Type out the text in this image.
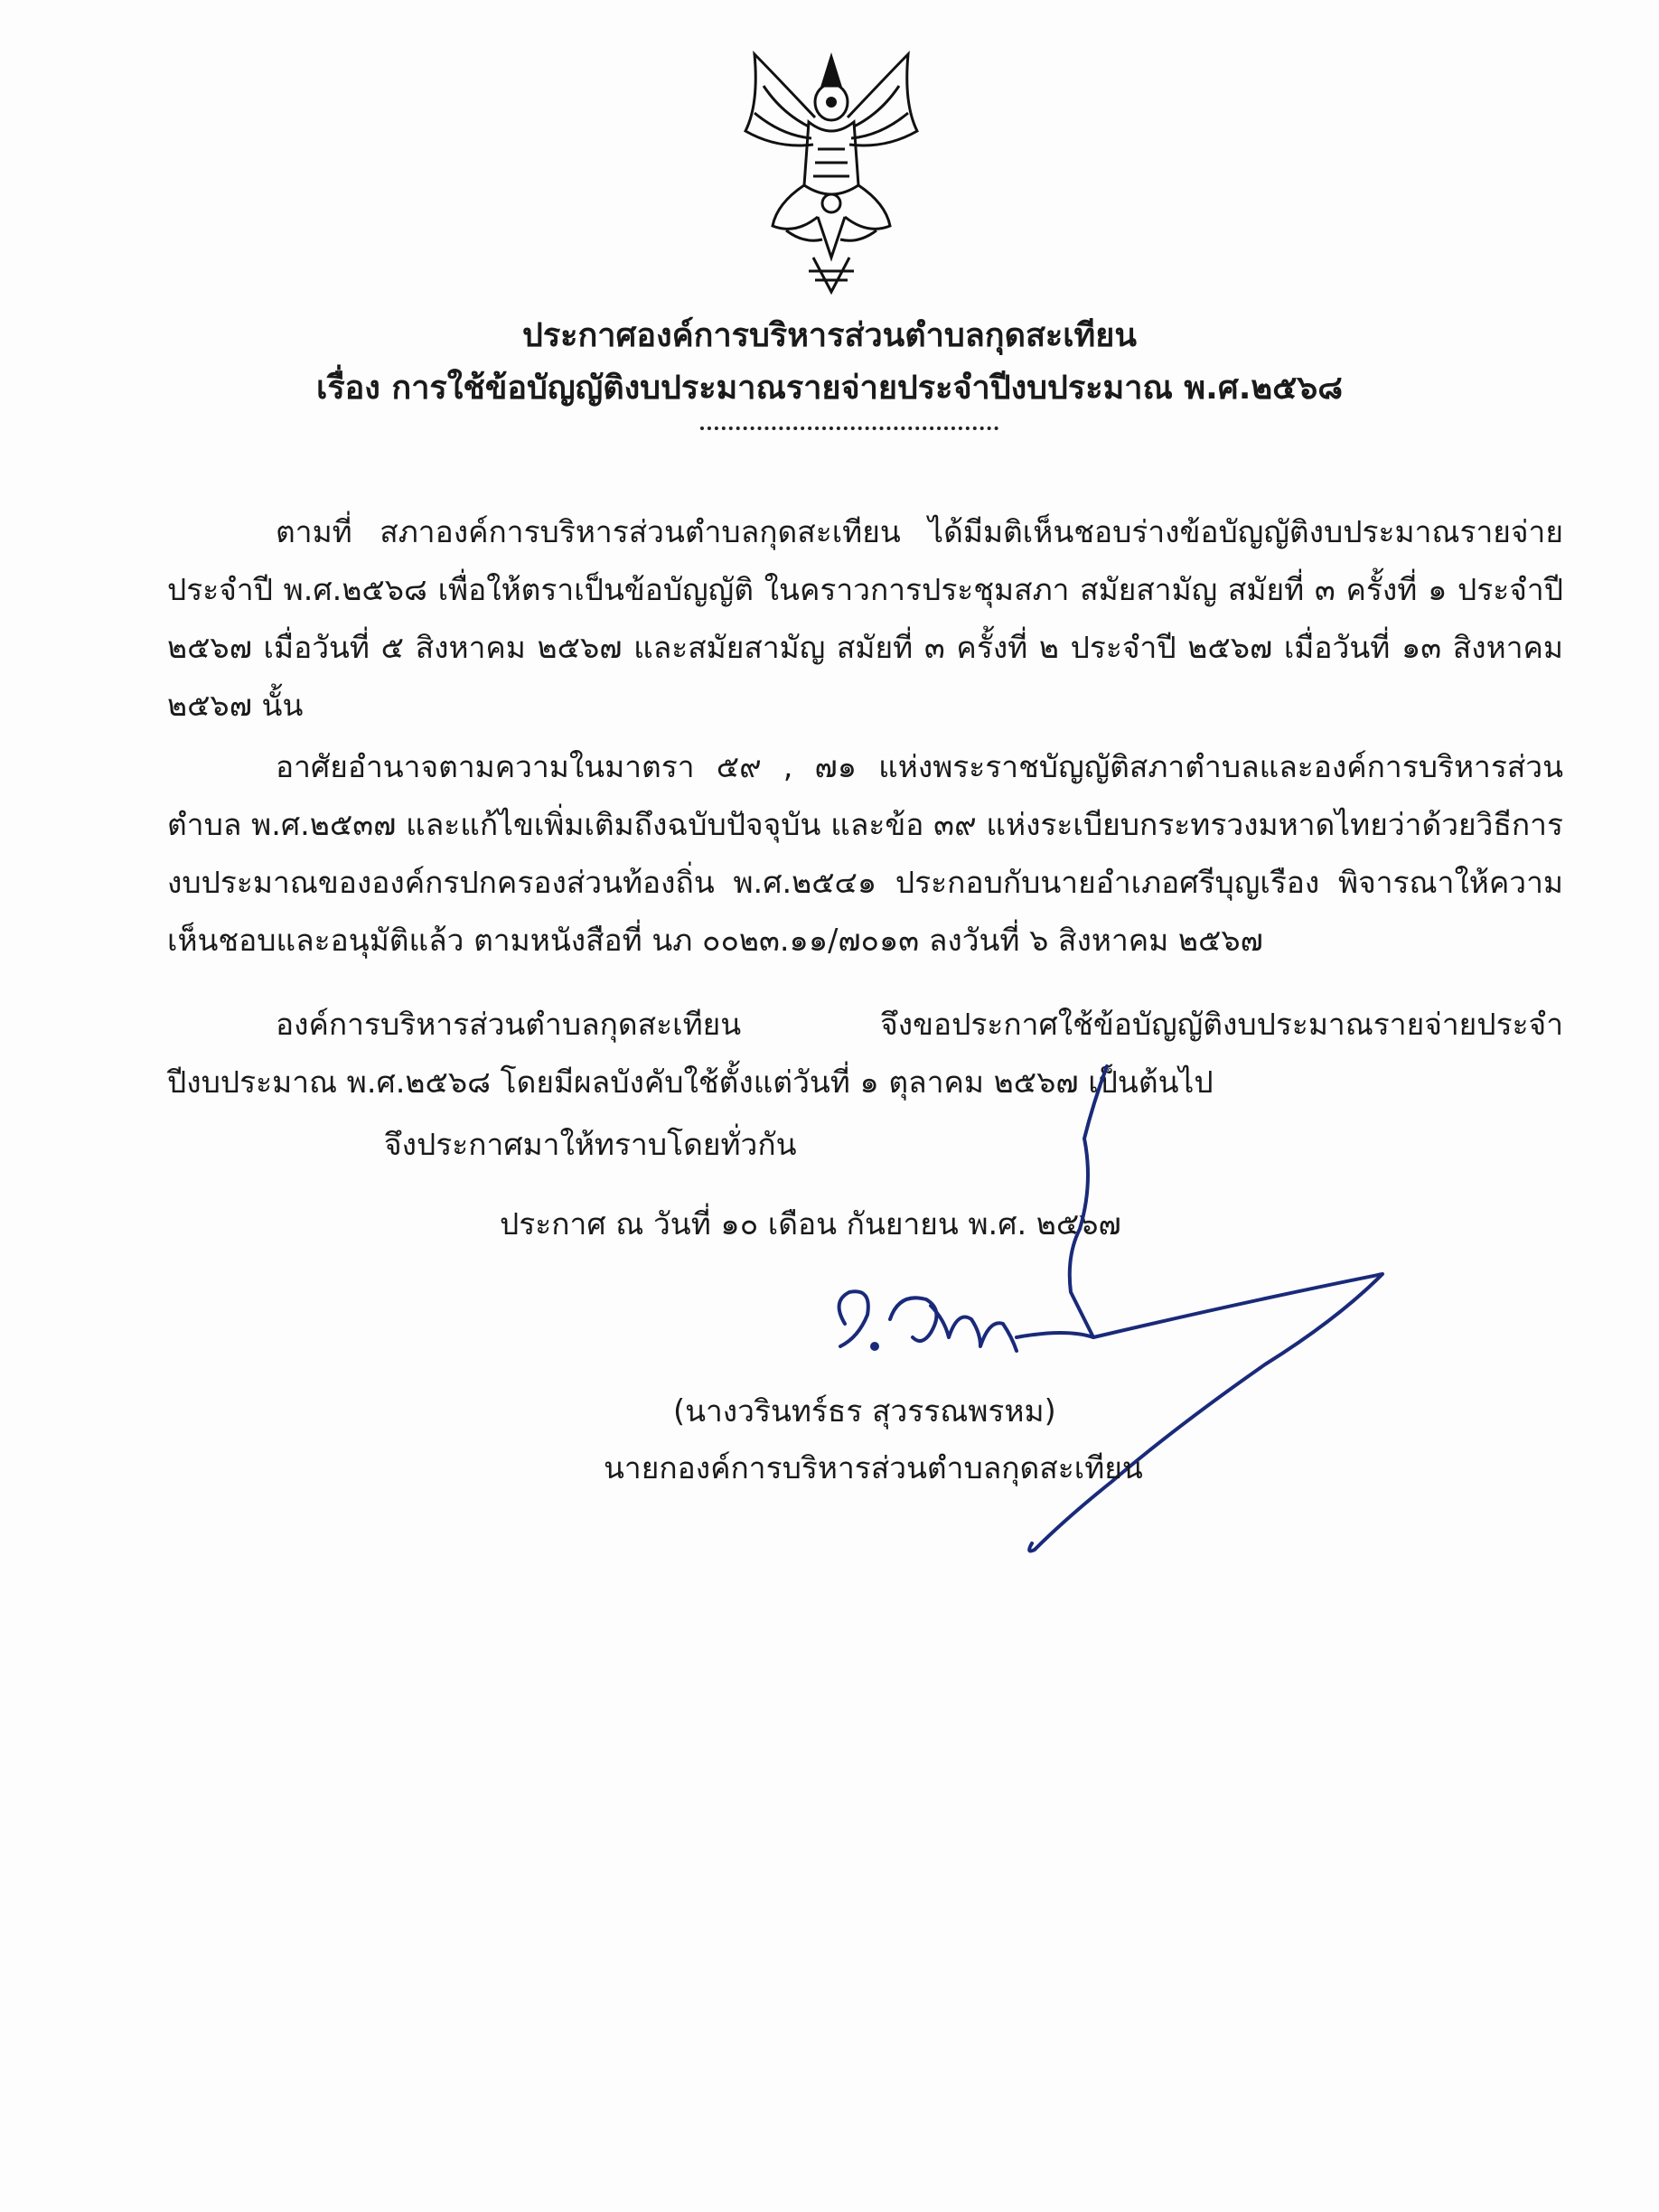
ประกาศองค์การบริหารส่วนตำบลกุดสะเทียน
เรื่อง การใช้ข้อบัญญัติงบประมาณรายจ่ายประจำปีงบประมาณ พ.ศ.๒๕๖๘

ตามที่ สภาองค์การบริหารส่วนตำบลกุดสะเทียน ได้มีมติเห็นชอบร่างข้อบัญญัติงบประมาณรายจ่ายประจำปี พ.ศ.๒๕๖๘ เพื่อให้ตราเป็นข้อบัญญัติ ในคราวการประชุมสภา สมัยสามัญ สมัยที่ ๓ ครั้งที่ ๑ ประจำปี ๒๕๖๗ เมื่อวันที่ ๕ สิงหาคม ๒๕๖๗ และสมัยสามัญ สมัยที่ ๓ ครั้งที่ ๒ ประจำปี ๒๕๖๗ เมื่อวันที่ ๑๓ สิงหาคม ๒๕๖๗ นั้น

อาศัยอำนาจตามความในมาตรา ๕๙ , ๗๑ แห่งพระราชบัญญัติสภาตำบลและองค์การบริหารส่วนตำบล พ.ศ.๒๕๓๗ และแก้ไขเพิ่มเติมถึงฉบับปัจจุบัน และข้อ ๓๙ แห่งระเบียบกระทรวงมหาดไทยว่าด้วยวิธีการงบประมาณขององค์กรปกครองส่วนท้องถิ่น พ.ศ.๒๕๔๑ ประกอบกับนายอำเภอศรีบุญเรือง พิจารณาให้ความเห็นชอบและอนุมัติแล้ว ตามหนังสือที่ นภ ๐๐๒๓.๑๑/๗๐๑๓ ลงวันที่ ๖ สิงหาคม ๒๕๖๗

องค์การบริหารส่วนตำบลกุดสะเทียน จึงขอประกาศใช้ข้อบัญญัติงบประมาณรายจ่ายประจำปีงบประมาณ พ.ศ.๒๕๖๘ โดยมีผลบังคับใช้ตั้งแต่วันที่ ๑ ตุลาคม ๒๕๖๗ เป็นต้นไป

จึงประกาศมาให้ทราบโดยทั่วกัน
ประกาศ ณ วันที่ ๑๐ เดือน กันยายน พ.ศ. ๒๕๖๗
(นางวรินทร์ธร สุวรรณพรหม)
นายกองค์การบริหารส่วนตำบลกุดสะเทียน
